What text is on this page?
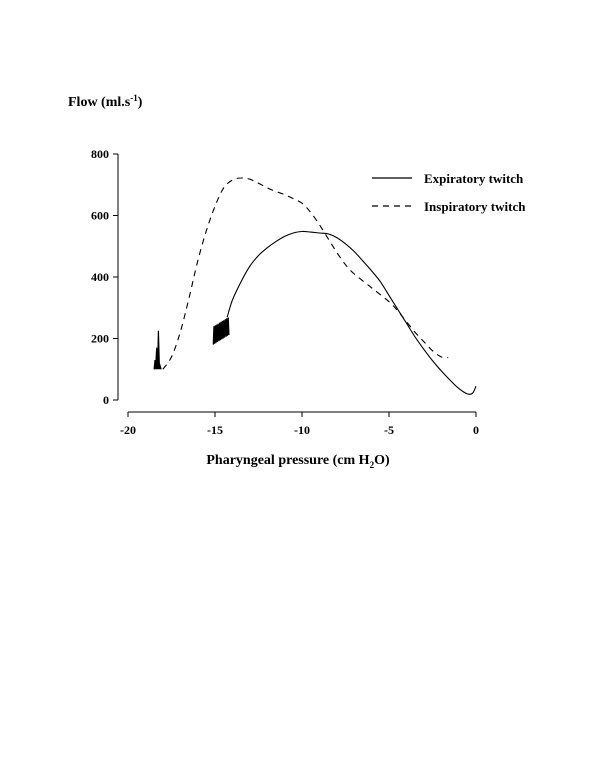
Flow $(ml.s^{-1})$
0
200
400
600
800
-20	-15	-10	-5	0
Pharyngeal pressure (cm $H_2O$)
Expiratory twitch
Inspiratory twitch
